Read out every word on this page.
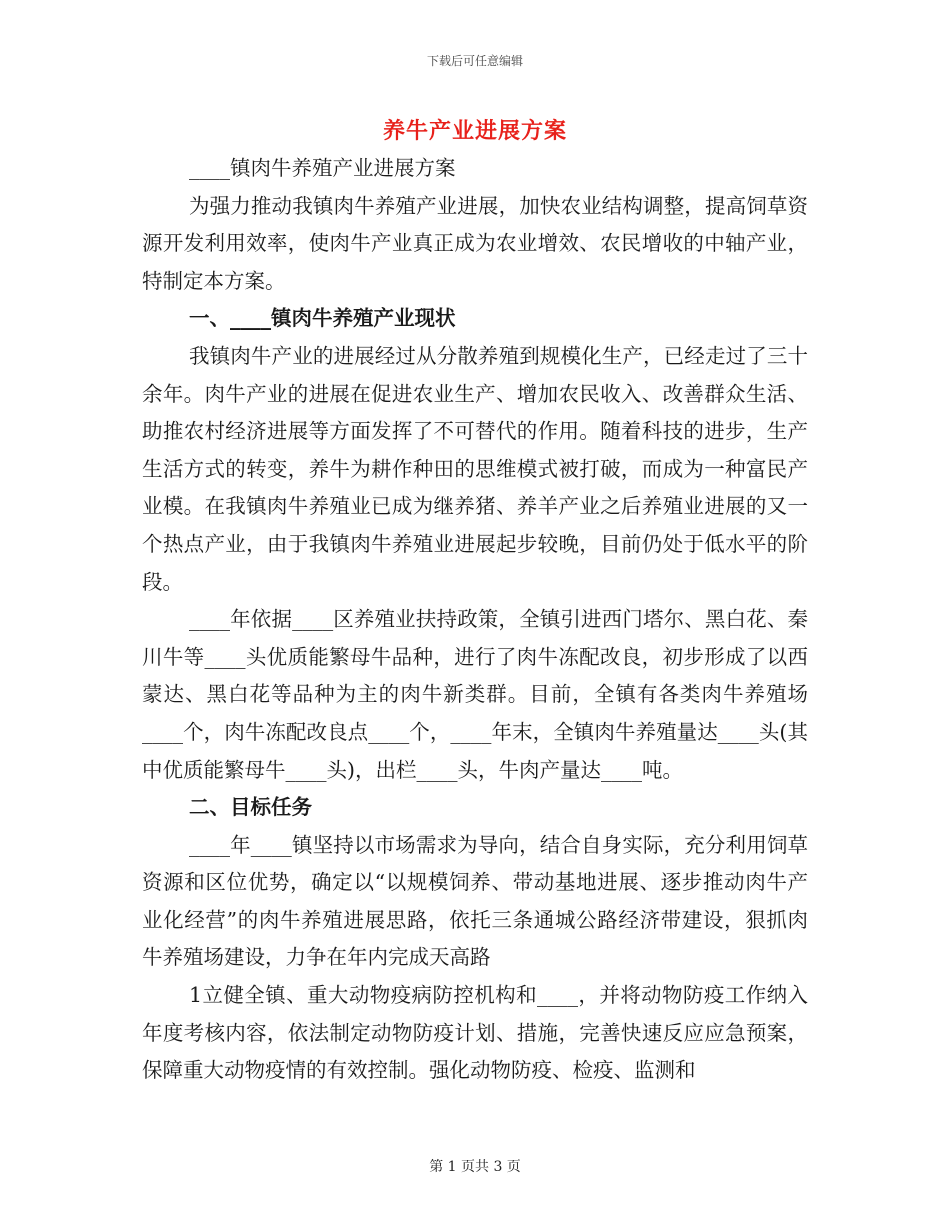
下载后可任意编辑
养牛产业进展方案

____镇肉牛养殖产业进展方案

为强力推动我镇肉牛养殖产业进展，加快农业结构调整，提高饲草资源开发利用效率，使肉牛产业真正成为农业增效、农民增收的中轴产业，特制定本方案。

一、____镇肉牛养殖产业现状

我镇肉牛产业的进展经过从分散养殖到规模化生产，已经走过了三十余年。肉牛产业的进展在促进农业生产、增加农民收入、改善群众生活、助推农村经济进展等方面发挥了不可替代的作用。随着科技的进步，生产生活方式的转变，养牛为耕作种田的思维模式被打破，而成为一种富民产业模。在我镇肉牛养殖业已成为继养猪、养羊产业之后养殖业进展的又一个热点产业，由于我镇肉牛养殖业进展起步较晚，目前仍处于低水平的阶段。

____年依据____区养殖业扶持政策，全镇引进西门塔尔、黑白花、秦川牛等____头优质能繁母牛品种，进行了肉牛冻配改良，初步形成了以西蒙达、黑白花等品种为主的肉牛新类群。目前，全镇有各类肉牛养殖场____个，肉牛冻配改良点____个，____年末，全镇肉牛养殖量达____头(其中优质能繁母牛____头)，出栏____头，牛肉产量达____吨。

二、目标任务

____年____镇坚持以市场需求为导向，结合自身实际，充分利用饲草资源和区位优势，确定以“以规模饲养、带动基地进展、逐步推动肉牛产业化经营”的肉牛养殖进展思路，依托三条通城公路经济带建设，狠抓肉牛养殖场建设，力争在年内完成天高路

1立健全镇、重大动物疫病防控机构和____，并将动物防疫工作纳入年度考核内容，依法制定动物防疫计划、措施，完善快速反应应急预案，保障重大动物疫情的有效控制。强化动物防疫、检疫、监测和

第 1 页共 3 页
